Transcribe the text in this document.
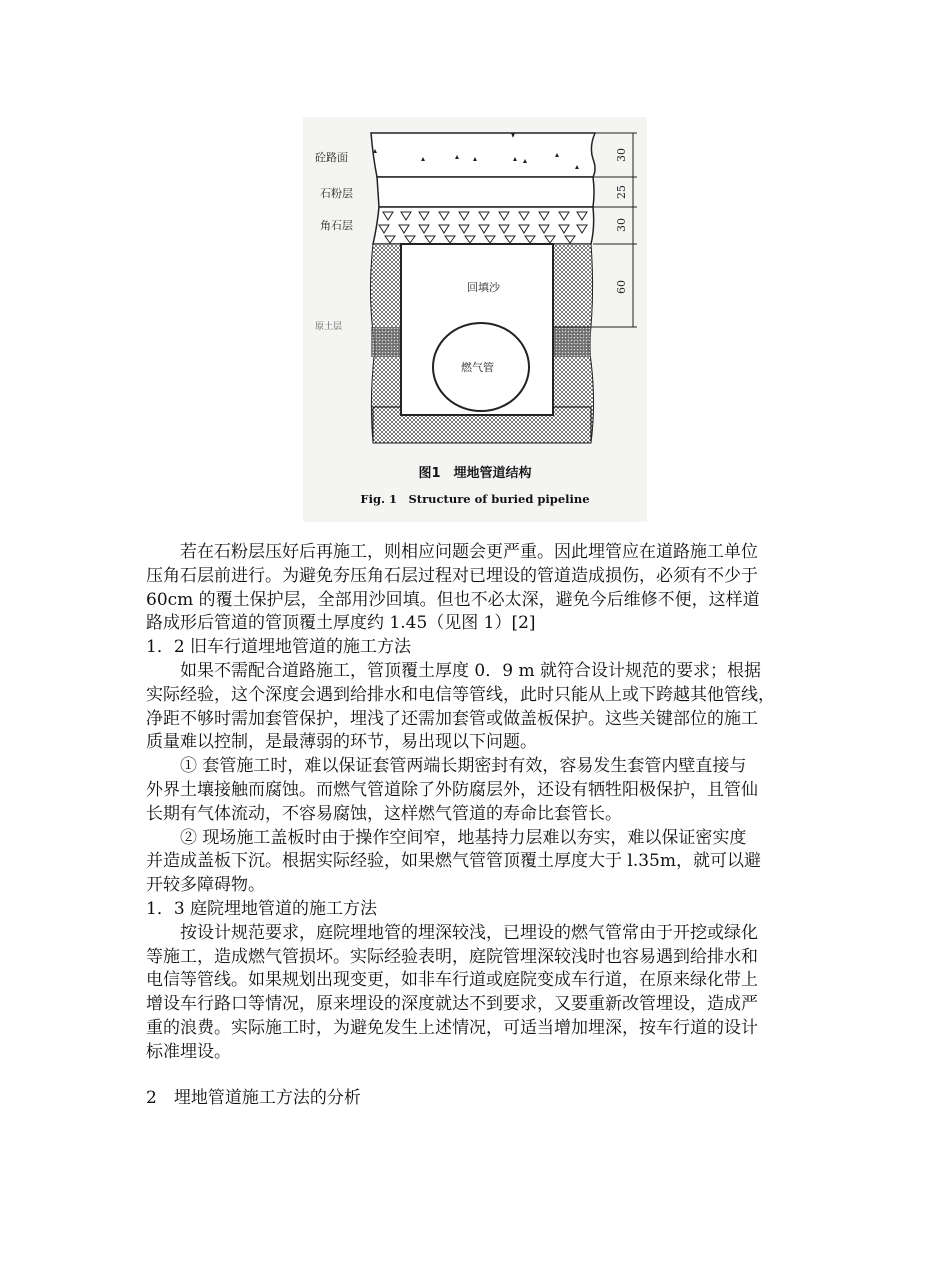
30
25
30
60
砼路面
石粉层
角石层
原土层
回填沙
燃气管
图1　埋地管道结构
Fig. 1　Structure of buried pipeline

若在石粉层压好后再施工，则相应问题会更严重。因此埋管应在道路施工单位

压角石层前进行。为避免夯压角石层过程对已埋设的管道造成损伤，必须有不少于

60cm 的覆土保护层，全部用沙回填。但也不必太深，避免今后维修不便，这样道

路成形后管道的管顶覆土厚度约 1.45（见图 1）[2]

1．2 旧车行道埋地管道的施工方法

如果不需配合道路施工，管顶覆土厚度 0．9 m 就符合设计规范的要求；根据

实际经验，这个深度会遇到给排水和电信等管线，此时只能从上或下跨越其他管线，

净距不够时需加套管保护，埋浅了还需加套管或做盖板保护。这些关键部位的施工

质量难以控制，是最薄弱的环节，易出现以下问题。

① 套管施工时，难以保证套管两端长期密封有效，容易发生套管内壁直接与

外界土壤接触而腐蚀。而燃气管道除了外防腐层外，还设有牺牲阳极保护，且管仙

长期有气体流动，不容易腐蚀，这样燃气管道的寿命比套管长。

② 现场施工盖板时由于操作空间窄，地基持力层难以夯实，难以保证密实度

并造成盖板下沉。根据实际经验，如果燃气管管顶覆土厚度大于 l.35m，就可以避

开较多障碍物。

1．3 庭院埋地管道的施工方法

按设计规范要求，庭院埋地管的埋深较浅，已埋设的燃气管常由于开挖或绿化

等施工，造成燃气管损坏。实际经验表明，庭院管埋深较浅时也容易遇到给排水和

电信等管线。如果规划出现变更，如非车行道或庭院变成车行道，在原来绿化带上

增设车行路口等情况，原来埋设的深度就达不到要求，又要重新改管埋设，造成严

重的浪费。实际施工时，为避免发生上述情况，可适当增加埋深，按车行道的设计

标准埋设。

2　埋地管道施工方法的分析
